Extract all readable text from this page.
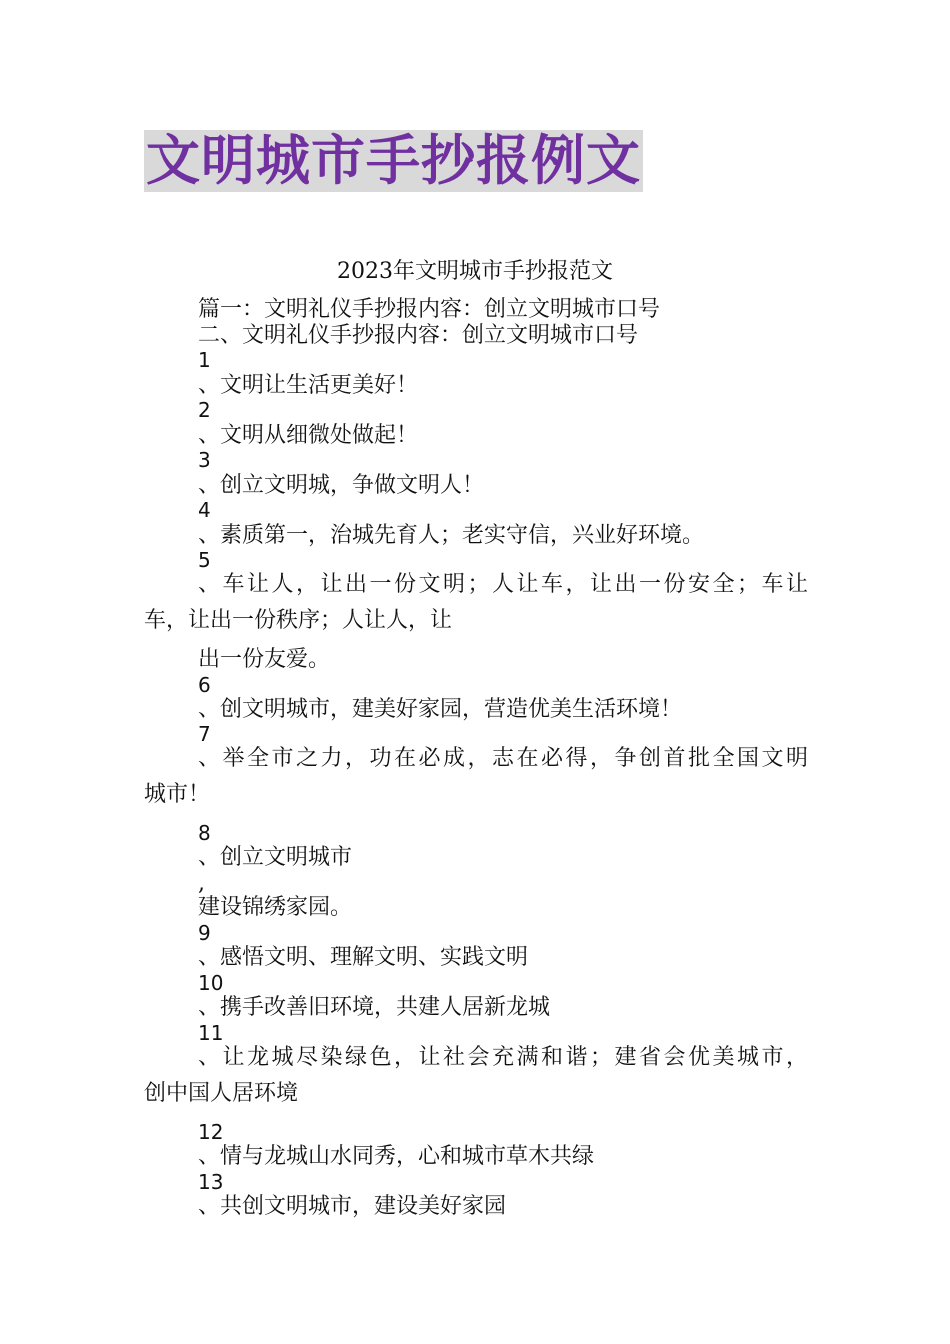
文明城市手抄报例文
2023年文明城市手抄报范文
篇一：文明礼仪手抄报内容：创立文明城市口号
二、文明礼仪手抄报内容：创立文明城市口号
1
、文明让生活更美好！
2
、文明从细微处做起！
3
、创立文明城，争做文明人！
4
、素质第一，治城先育人；老实守信，兴业好环境。
5
、车让人，让出一份文明；人让车，让出一份安全；车让
车，让出一份秩序；人让人，让
出一份友爱。
6
、创文明城市，建美好家园，营造优美生活环境！
7
、举全市之力，功在必成，志在必得，争创首批全国文明
城市！
8
、创立文明城市
,
建设锦绣家园。
9
、感悟文明、理解文明、实践文明
10
、携手改善旧环境，共建人居新龙城
11
、让龙城尽染绿色，让社会充满和谐；建省会优美城市，
创中国人居环境
12
、情与龙城山水同秀，心和城市草木共绿
13
、共创文明城市，建设美好家园
